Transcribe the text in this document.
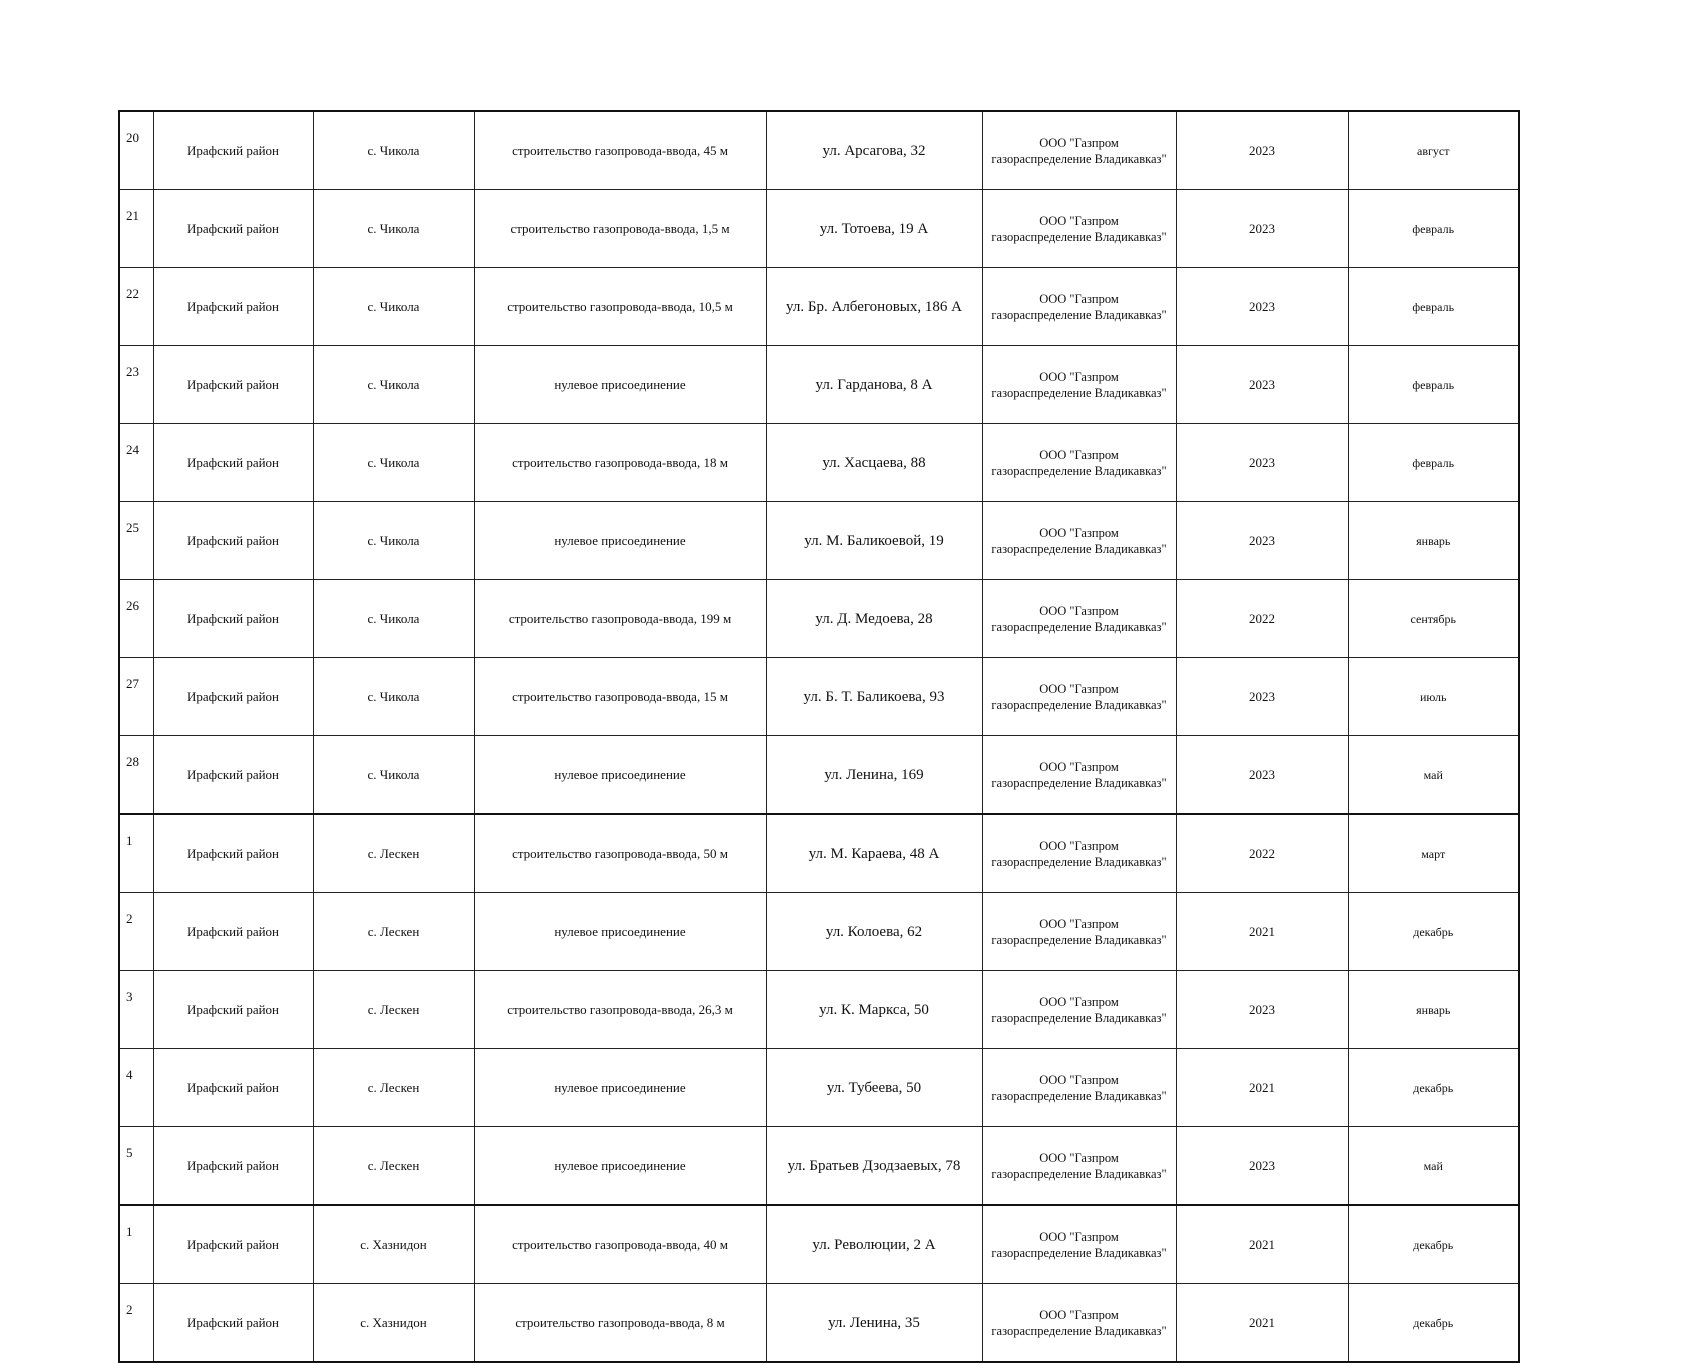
20	Ирафский район	с. Чикола	строительство газопровода-ввода, 45 м	ул. Арсагова, 32	ООО "Газпром
газораспределение Владикавказ"	2023	август
21	Ирафский район	с. Чикола	строительство газопровода-ввода, 1,5 м	ул. Тотоева, 19 А	ООО "Газпром
газораспределение Владикавказ"	2023	февраль
22	Ирафский район	с. Чикола	строительство газопровода-ввода, 10,5 м	ул. Бр. Албегоновых, 186 А	ООО "Газпром
газораспределение Владикавказ"	2023	февраль
23	Ирафский район	с. Чикола	нулевое присоединение	ул. Гарданова, 8 А	ООО "Газпром
газораспределение Владикавказ"	2023	февраль
24	Ирафский район	с. Чикола	строительство газопровода-ввода, 18 м	ул. Хасцаева, 88	ООО "Газпром
газораспределение Владикавказ"	2023	февраль
25	Ирафский район	с. Чикола	нулевое присоединение	ул. М. Баликоевой, 19	ООО "Газпром
газораспределение Владикавказ"	2023	январь
26	Ирафский район	с. Чикола	строительство газопровода-ввода, 199 м	ул. Д. Медоева, 28	ООО "Газпром
газораспределение Владикавказ"	2022	сентябрь
27	Ирафский район	с. Чикола	строительство газопровода-ввода, 15 м	ул. Б. Т. Баликоева, 93	ООО "Газпром
газораспределение Владикавказ"	2023	июль
28	Ирафский район	с. Чикола	нулевое присоединение	ул. Ленина, 169	ООО "Газпром
газораспределение Владикавказ"	2023	май
1	Ирафский район	с. Лескен	строительство газопровода-ввода, 50 м	ул. М. Караева, 48 А	ООО "Газпром
газораспределение Владикавказ"	2022	март
2	Ирафский район	с. Лескен	нулевое присоединение	ул. Колоева, 62	ООО "Газпром
газораспределение Владикавказ"	2021	декабрь
3	Ирафский район	с. Лескен	строительство газопровода-ввода, 26,3 м	ул. К. Маркса, 50	ООО "Газпром
газораспределение Владикавказ"	2023	январь
4	Ирафский район	с. Лескен	нулевое присоединение	ул. Тубеева, 50	ООО "Газпром
газораспределение Владикавказ"	2021	декабрь
5	Ирафский район	с. Лескен	нулевое присоединение	ул. Братьев Дзодзаевых, 78	ООО "Газпром
газораспределение Владикавказ"	2023	май
1	Ирафский район	с. Хазнидон	строительство газопровода-ввода, 40 м	ул. Революции, 2 А	ООО "Газпром
газораспределение Владикавказ"	2021	декабрь
2	Ирафский район	с. Хазнидон	строительство газопровода-ввода, 8 м	ул. Ленина, 35	ООО "Газпром
газораспределение Владикавказ"	2021	декабрь
